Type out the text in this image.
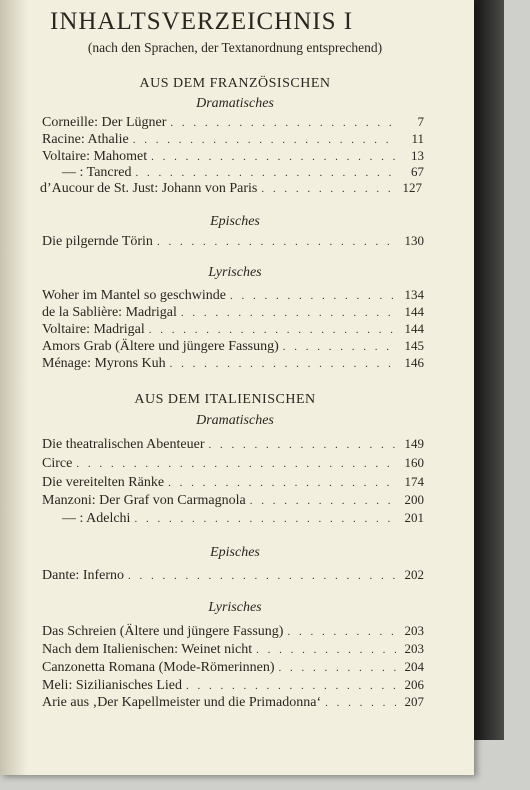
INHALTSVERZEICHNIS I
(nach den Sprachen, der Textanordnung entsprechend)
AUS DEM FRANZÖSISCHEN
Dramatisches
Corneille: Der Lügner . . .	7
Racine: Athalie . . .	11
Voltaire: Mahomet . . .	13
— : Tancred . . .	67
d’Aucour de St. Just: Johann von Paris . . .	127
Episches
Die pilgernde Törin . . .	130
Lyrisches
Woher im Mantel so geschwinde . . .	134
de la Sablière: Madrigal . . .	144
Voltaire: Madrigal . . .	144
Amors Grab (Ältere und jüngere Fassung) . . .	145
Ménage: Myrons Kuh . . .	146
AUS DEM ITALIENISCHEN
Dramatisches
Die theatralischen Abenteuer . . .	149
Circe . . .	160
Die vereitelten Ränke . . .	174
Manzoni: Der Graf von Carmagnola . . .	200
— : Adelchi . . .	201
Episches
Dante: Inferno . . .	202
Lyrisches
Das Schreien (Ältere und jüngere Fassung) . . .	203
Nach dem Italienischen: Weinet nicht . . .	203
Canzonetta Romana (Mode-Römerinnen) . . .	204
Meli: Sizilianisches Lied . . .	206
Arie aus ‚Der Kapellmeister und die Primadonna‘ . . .	207
